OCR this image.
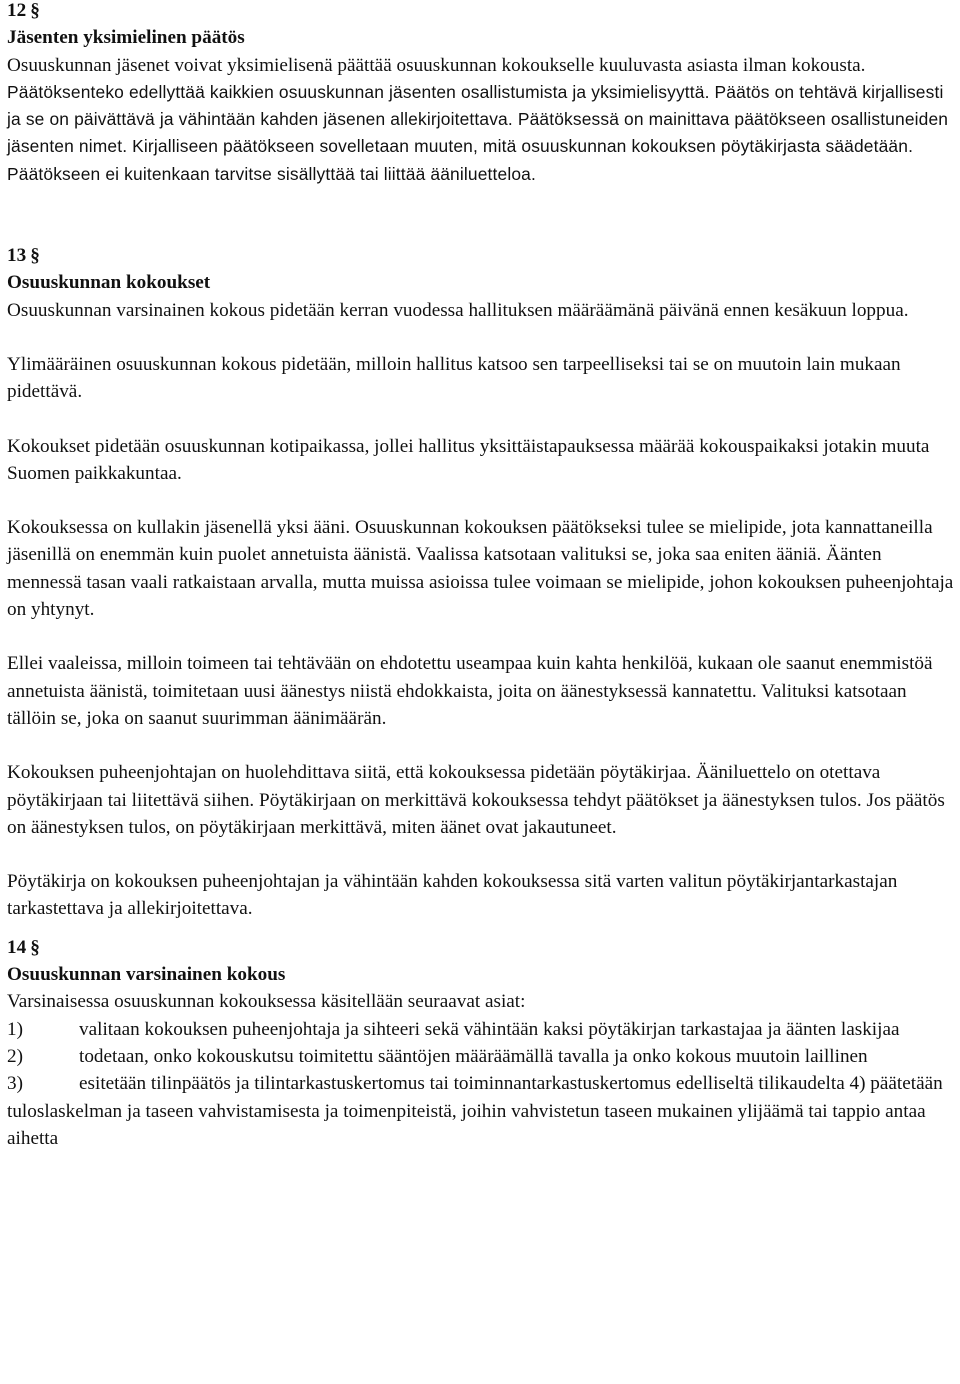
12 §

Jäsenten yksimielinen päätös

Osuuskunnan jäsenet voivat yksimielisenä päättää osuuskunnan kokoukselle kuuluvasta asiasta ilman kokousta.

Päätöksenteko edellyttää kaikkien osuuskunnan jäsenten osallistumista ja yksimielisyyttä. Päätös on tehtävä kirjallisesti ja se on päivättävä ja vähintään kahden jäsenen allekirjoitettava. Päätöksessä on mainittava päätökseen osallistuneiden jäsenten nimet. Kirjalliseen päätökseen sovelletaan muuten, mitä osuuskunnan kokouksen pöytäkirjasta säädetään. Päätökseen ei kuitenkaan tarvitse sisällyttää tai liittää ääniluetteloa.

13 §

Osuuskunnan kokoukset

Osuuskunnan varsinainen kokous pidetään kerran vuodessa hallituksen määräämänä päivänä ennen kesäkuun loppua.

Ylimääräinen osuuskunnan kokous pidetään, milloin hallitus katsoo sen tarpeelliseksi tai se on muutoin lain mukaan pidettävä.

Kokoukset pidetään osuuskunnan kotipaikassa, jollei hallitus yksittäistapauksessa määrää kokouspaikaksi jotakin muuta Suomen paikkakuntaa.

Kokouksessa on kullakin jäsenellä yksi ääni. Osuuskunnan kokouksen päätökseksi tulee se mielipide, jota kannattaneilla jäsenillä on enemmän kuin puolet annetuista äänistä. Vaalissa katsotaan valituksi se, joka saa eniten ääniä. Äänten mennessä tasan vaali ratkaistaan arvalla, mutta muissa asioissa tulee voimaan se mielipide, johon kokouksen puheenjohtaja on yhtynyt.

Ellei vaaleissa, milloin toimeen tai tehtävään on ehdotettu useampaa kuin kahta henkilöä, kukaan ole saanut enemmistöä annetuista äänistä, toimitetaan uusi äänestys niistä ehdokkaista, joita on äänestyksessä kannatettu. Valituksi katsotaan tällöin se, joka on saanut suurimman äänimäärän.

Kokouksen puheenjohtajan on huolehdittava siitä, että kokouksessa pidetään pöytäkirjaa. Ääniluettelo on otettava pöytäkirjaan tai liitettävä siihen. Pöytäkirjaan on merkittävä kokouksessa tehdyt päätökset ja äänestyksen tulos. Jos päätös on äänestyksen tulos, on pöytäkirjaan merkittävä, miten äänet ovat jakautuneet.

Pöytäkirja on kokouksen puheenjohtajan ja vähintään kahden kokouksessa sitä varten valitun pöytäkirjantarkastajan tarkastettava ja allekirjoitettava.

14 §

Osuuskunnan varsinainen kokous

Varsinaisessa osuuskunnan kokouksessa käsitellään seuraavat asiat:

1)	valitaan kokouksen puheenjohtaja ja sihteeri sekä vähintään kaksi pöytäkirjan tarkastajaa ja äänten laskijaa

2)	todetaan, onko kokouskutsu toimitettu sääntöjen määräämällä tavalla ja onko kokous muutoin laillinen

3)	esitetään tilinpäätös ja tilintarkastuskertomus tai toiminnantarkastuskertomus edelliseltä tilikaudelta 4) päätetään tuloslaskelman ja taseen vahvistamisesta ja toimenpiteistä, joihin vahvistetun taseen mukainen ylijäämä tai tappio antaa aihetta
